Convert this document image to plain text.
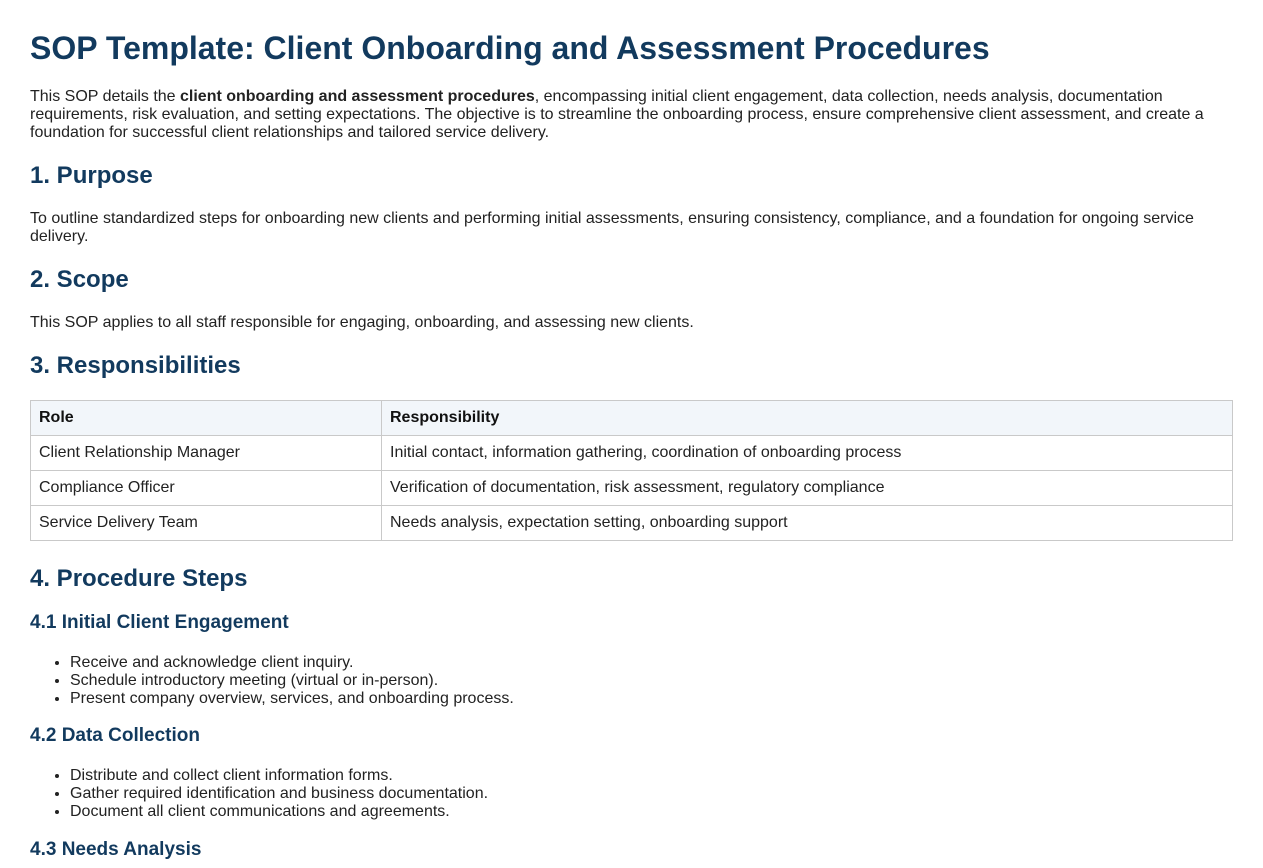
SOP Template: Client Onboarding and Assessment Procedures

This SOP details the client onboarding and assessment procedures, encompassing initial client engagement, data collection, needs analysis, documentation requirements, risk evaluation, and setting expectations. The objective is to streamline the onboarding process, ensure comprehensive client assessment, and create a foundation for successful client relationships and tailored service delivery.

1. Purpose

To outline standardized steps for onboarding new clients and performing initial assessments, ensuring consistency, compliance, and a foundation for ongoing service delivery.

2. Scope

This SOP applies to all staff responsible for engaging, onboarding, and assessing new clients.

3. Responsibilities
Role	Responsibility
Client Relationship Manager	Initial contact, information gathering, coordination of onboarding process
Compliance Officer	Verification of documentation, risk assessment, regulatory compliance
Service Delivery Team	Needs analysis, expectation setting, onboarding support
4. Procedure Steps
4.1 Initial Client Engagement
• Receive and acknowledge client inquiry.
• Schedule introductory meeting (virtual or in-person).
• Present company overview, services, and onboarding process.
4.2 Data Collection
• Distribute and collect client information forms.
• Gather required identification and business documentation.
• Document all client communications and agreements.
4.3 Needs Analysis
